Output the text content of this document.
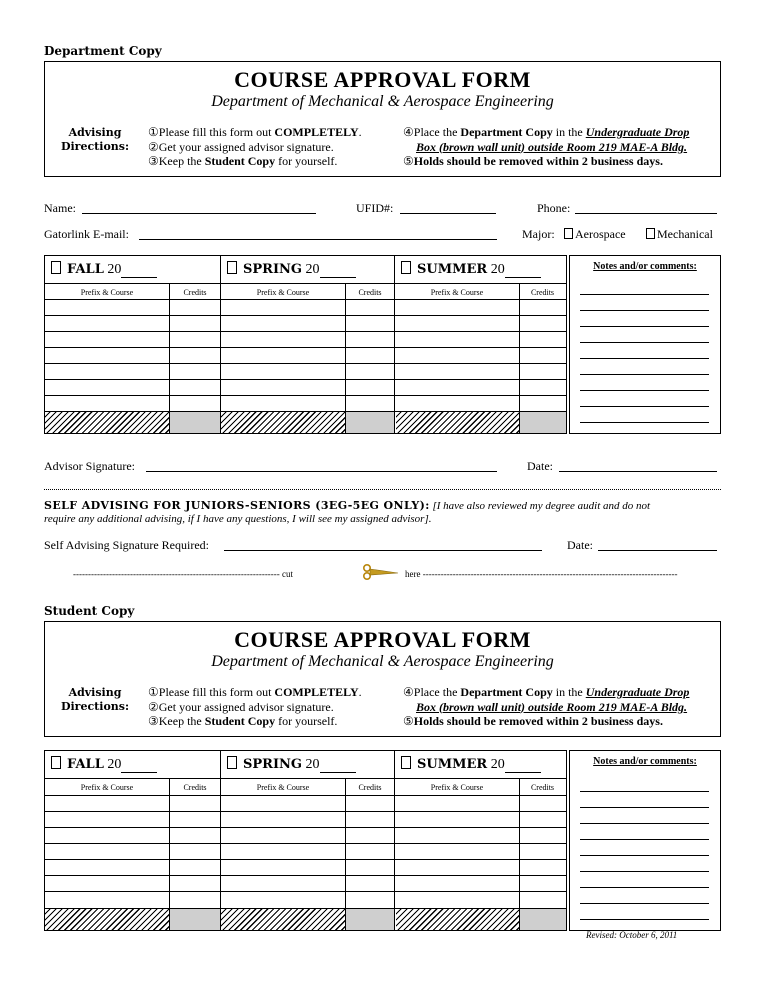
Department Copy
COURSE APPROVAL FORM
Department of Mechanical & Aerospace Engineering
Advising
Directions:
①Please fill this form out COMPLETELY.
②Get your assigned advisor signature.
③Keep the Student Copy for yourself.
④Place the Department Copy in the Undergraduate Drop
Box (brown wall unit) outside Room 219 MAE-A Bldg.
⑤Holds should be removed within 2 business days.
Name:	UFID#:	Phone:
Gatorlink E-mail:	Major:	Aerospace	Mechanical
FALL 20	SPRING 20	SUMMER 20
Prefix & Course	Credits	Prefix & Course	Credits	Prefix & Course	Credits
Notes and/or comments:
Advisor Signature:	Date:
SELF ADVISING FOR JUNIORS-SENIORS (3EG-5EG ONLY): [I have also reviewed my degree audit and do not
require any additional advising, if I have any questions, I will see my assigned advisor].
Self Advising Signature Required:	Date:
--------------------------------------------------------------------- cut	here -------------------------------------------------------------------------------------
Student Copy
COURSE APPROVAL FORM
Department of Mechanical & Aerospace Engineering
Advising
Directions:
①Please fill this form out COMPLETELY.
②Get your assigned advisor signature.
③Keep the Student Copy for yourself.
④Place the Department Copy in the Undergraduate Drop
Box (brown wall unit) outside Room 219 MAE-A Bldg.
⑤Holds should be removed within 2 business days.
FALL 20	SPRING 20	SUMMER 20
Prefix & Course	Credits	Prefix & Course	Credits	Prefix & Course	Credits
Notes and/or comments:
Revised: October 6, 2011
